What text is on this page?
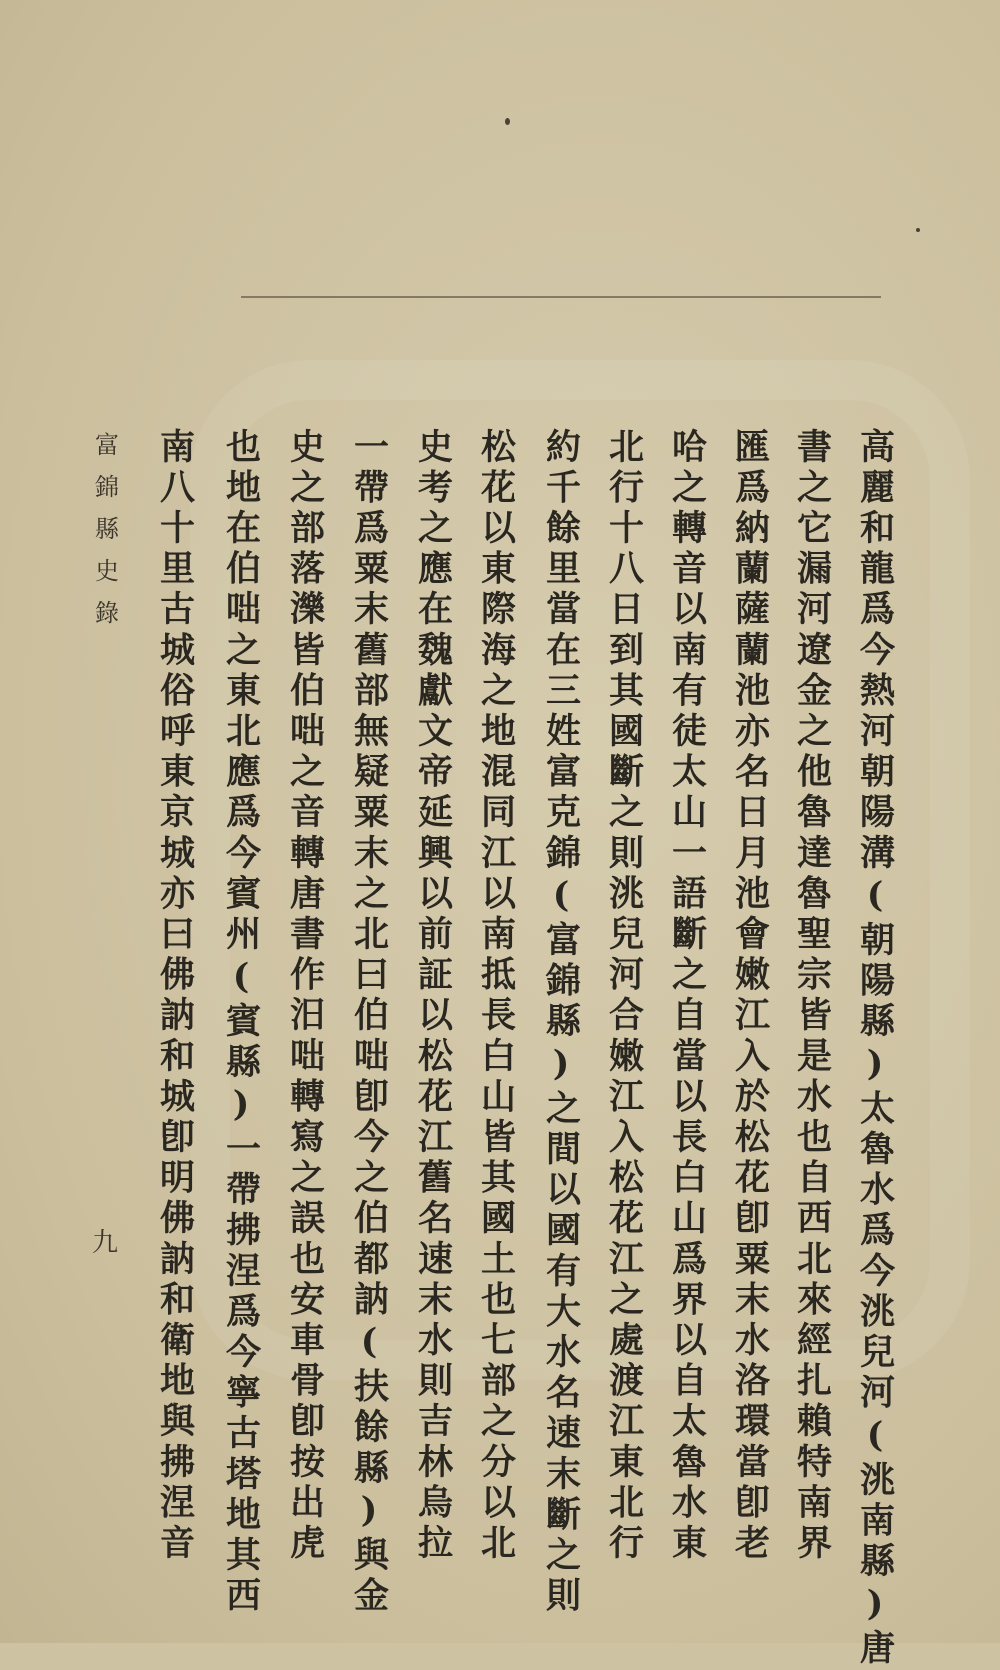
高麗和龍爲今熱河朝陽溝(朝陽縣)太魯水爲今洮兒河(洮南縣)唐
書之它漏河遼金之他魯達魯聖宗皆是水也自西北來經扎賴特南界
匯爲納蘭薩蘭池亦名日月池會嫩江入於松花卽粟末水洛環當卽老
哈之轉音以南有徒太山一語斷之自當以長白山爲界以自太魯水東
北行十八日到其國斷之則洮兒河合嫩江入松花江之處渡江東北行
約千餘里當在三姓富克錦(富錦縣)之間以國有大水名速末斷之則
松花以東際海之地混同江以南抵長白山皆其國土也七部之分以北
史考之應在魏獻文帝延興以前証以松花江舊名速末水則吉林烏拉
一帶爲粟末舊部無疑粟末之北曰伯咄卽今之伯都訥(扶餘縣)與金
史之部落濼皆伯咄之音轉唐書作汨咄轉寫之誤也安車骨卽按出虎
也地在伯咄之東北應爲今賓州(賓縣)一帶拂涅爲今寧古塔地其西
南八十里古城俗呼東京城亦曰佛訥和城卽明佛訥和衛地與拂涅音
富錦縣史錄
九
